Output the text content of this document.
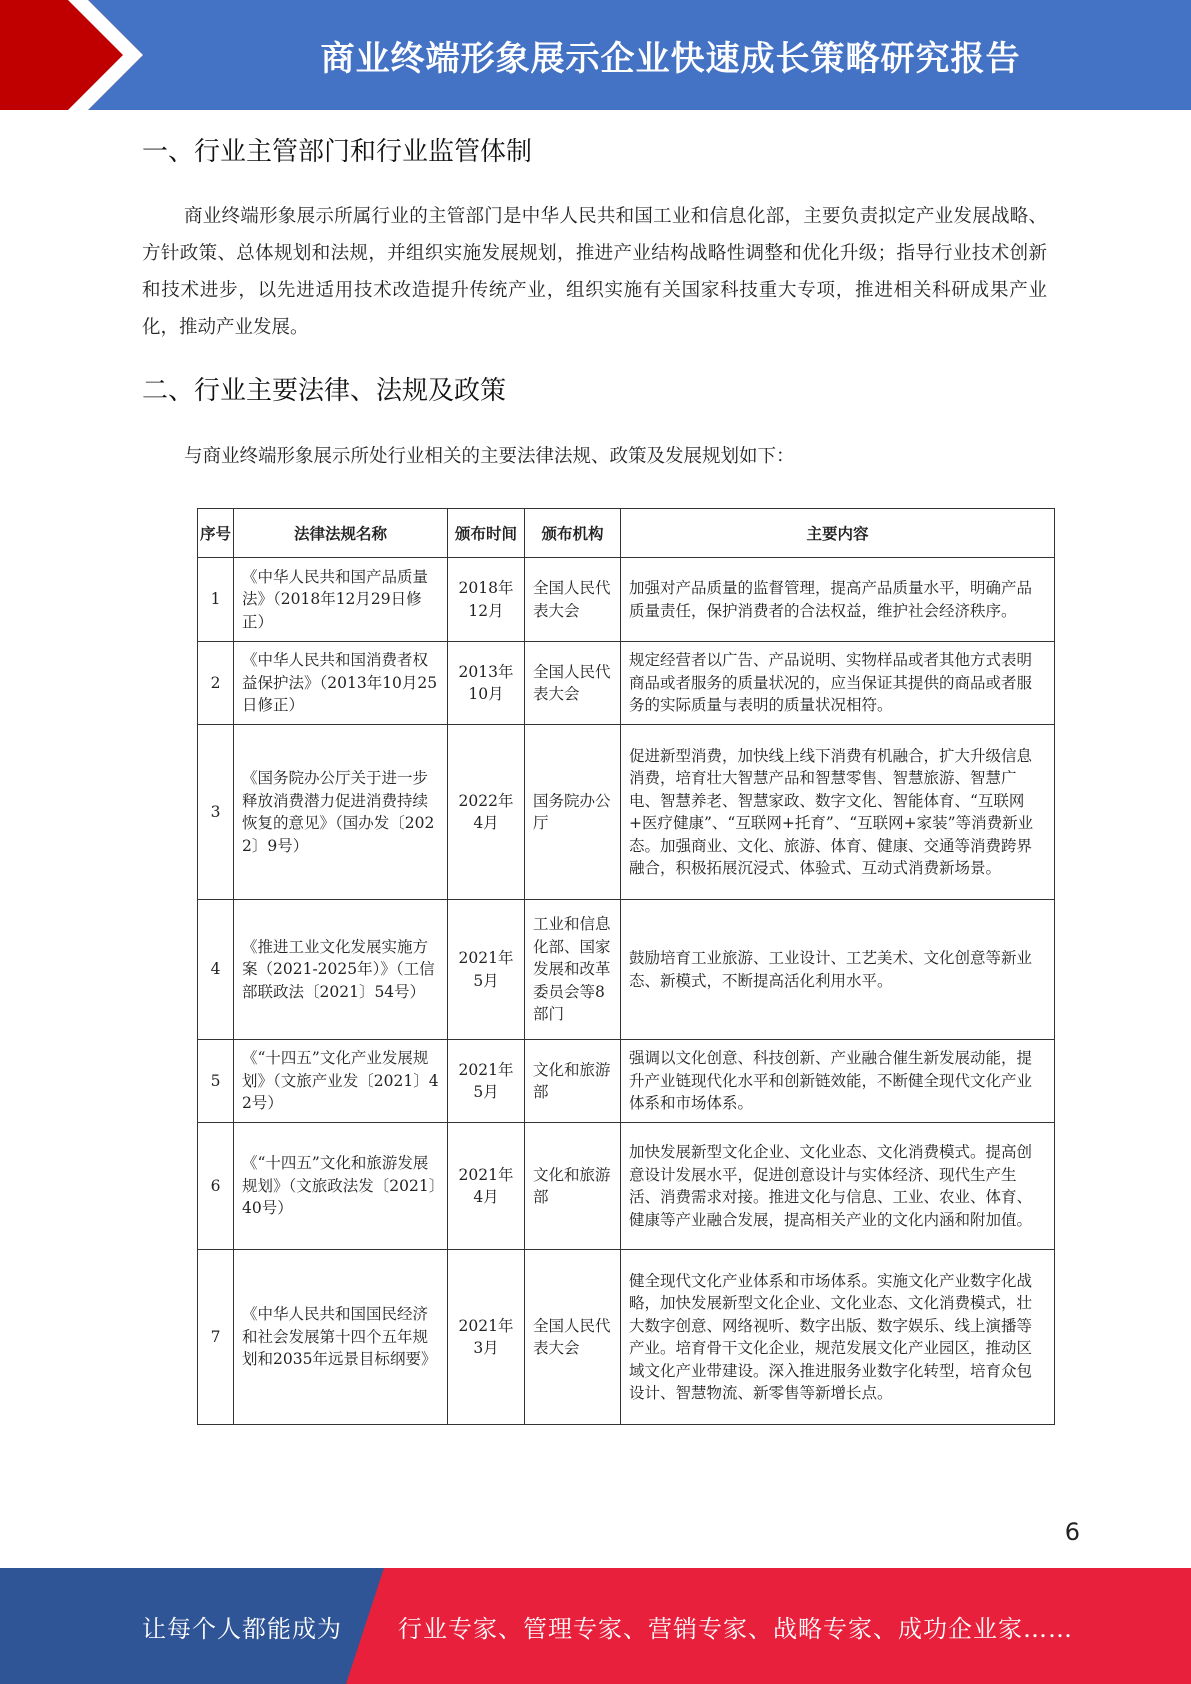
商业终端形象展示企业快速成长策略研究报告
一、行业主管部门和行业监管体制
商业终端形象展示所属行业的主管部门是中华人民共和国工业和信息化部，主要负责拟定产业发展战略、方针政策、总体规划和法规，并组织实施发展规划，推进产业结构战略性调整和优化升级；指导行业技术创新和技术进步，以先进适用技术改造提升传统产业，组织实施有关国家科技重大专项，推进相关科研成果产业化，推动产业发展。
二、行业主要法律、法规及政策
与商业终端形象展示所处行业相关的主要法律法规、政策及发展规划如下：
序号	法律法规名称	颁布时间	颁布机构	主要内容
1	《中华人民共和国产品质量法》（2018年12月29日修正）	2018年12月	全国人民代表大会	加强对产品质量的监督管理，提高产品质量水平，明确产品质量责任，保护消费者的合法权益，维护社会经济秩序。
2	《中华人民共和国消费者权益保护法》（2013年10月25日修正）	2013年10月	全国人民代表大会	规定经营者以广告、产品说明、实物样品或者其他方式表明商品或者服务的质量状况的，应当保证其提供的商品或者服务的实际质量与表明的质量状况相符。
3	《国务院办公厅关于进一步释放消费潜力促进消费持续恢复的意见》（国办发〔2022〕9号）	2022年4月	国务院办公厅	促进新型消费，加快线上线下消费有机融合，扩大升级信息消费，培育壮大智慧产品和智慧零售、智慧旅游、智慧广电、智慧养老、智慧家政、数字文化、智能体育、“互联网+医疗健康”、“互联网+托育”、“互联网+家装”等消费新业态。加强商业、文化、旅游、体育、健康、交通等消费跨界融合，积极拓展沉浸式、体验式、互动式消费新场景。
4	《推进工业文化发展实施方案（2021-2025年）》（工信部联政法〔2021〕54号）	2021年5月	工业和信息化部、国家发展和改革委员会等8部门	鼓励培育工业旅游、工业设计、工艺美术、文化创意等新业态、新模式，不断提高活化利用水平。
5	《“十四五”文化产业发展规划》（文旅产业发〔2021〕42号）	2021年5月	文化和旅游部	强调以文化创意、科技创新、产业融合催生新发展动能，提升产业链现代化水平和创新链效能，不断健全现代文化产业体系和市场体系。
6	《“十四五”文化和旅游发展规划》（文旅政法发〔2021〕40号）	2021年4月	文化和旅游部	加快发展新型文化企业、文化业态、文化消费模式。提高创意设计发展水平，促进创意设计与实体经济、现代生产生活、消费需求对接。推进文化与信息、工业、农业、体育、健康等产业融合发展，提高相关产业的文化内涵和附加值。
7	《中华人民共和国国民经济和社会发展第十四个五年规划和2035年远景目标纲要》	2021年3月	全国人民代表大会	健全现代文化产业体系和市场体系。实施文化产业数字化战略，加快发展新型文化企业、文化业态、文化消费模式，壮大数字创意、网络视听、数字出版、数字娱乐、线上演播等产业。培育骨干文化企业，规范发展文化产业园区，推动区域文化产业带建设。深入推进服务业数字化转型，培育众包设计、智慧物流、新零售等新增长点。
6
让每个人都能成为 行业专家、管理专家、营销专家、战略专家、成功企业家……
